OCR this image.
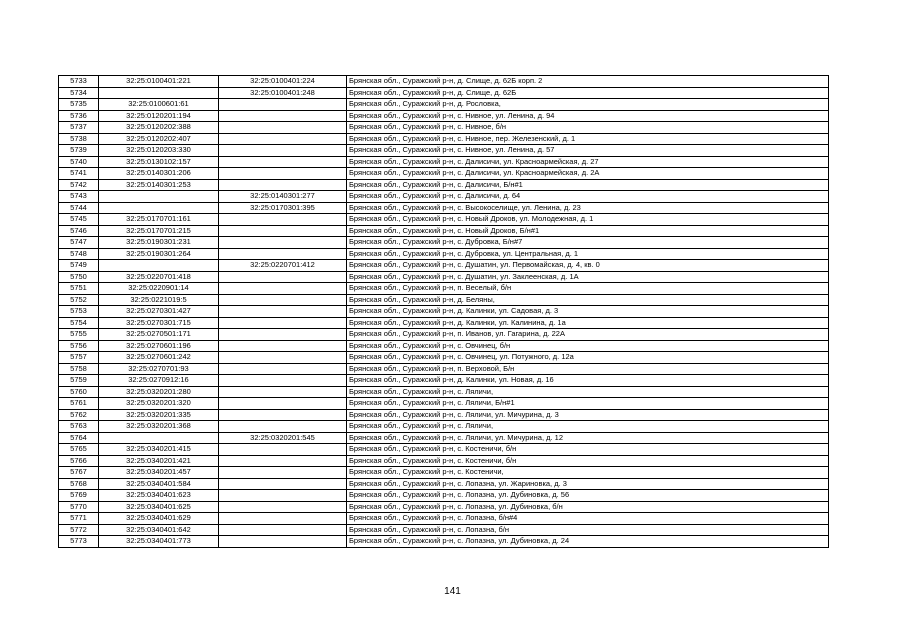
5733	32:25:0100401:221	32:25:0100401:224	Брянская обл., Суражский р-н, д. Слище, д. 62Б корп. 2
5734		32:25:0100401:248	Брянская обл., Суражский р-н, д. Слище, д. 62Б
5735	32:25:0100601:61		Брянская обл., Суражский р-н, д. Рословка,
5736	32:25:0120201:194		Брянская обл., Суражский р-н, с. Нивное, ул. Ленина, д. 94
5737	32:25:0120202:388		Брянская обл., Суражский р-н, с. Нивное, б/н
5738	32:25:0120202:407		Брянская обл., Суражский р-н, с. Нивное, пер. Железенский, д. 1
5739	32:25:0120203:330		Брянская обл., Суражский р-н, с. Нивное, ул. Ленина, д. 57
5740	32:25:0130102:157		Брянская обл., Суражский р-н, с. Далисичи, ул. Красноармейская, д. 27
5741	32:25:0140301:206		Брянская обл., Суражский р-н, с. Далисичи, ул. Красноармейская, д. 2А
5742	32:25:0140301:253		Брянская обл., Суражский р-н, с. Далисичи, Б/н#1
5743		32:25:0140301:277	Брянская обл., Суражский р-н, с. Далисичи, д. 64
5744		32:25:0170301:395	Брянская обл., Суражский р-н, с. Высокоселище, ул. Ленина, д. 23
5745	32:25:0170701:161		Брянская обл., Суражский р-н, с. Новый Дроков, ул. Молодежная, д. 1
5746	32:25:0170701:215		Брянская обл., Суражский р-н, с. Новый Дроков, Б/н#1
5747	32:25:0190301:231		Брянская обл., Суражский р-н, с. Дубровка, Б/н#7
5748	32:25:0190301:264		Брянская обл., Суражский р-н, с. Дубровка, ул. Центральная, д. 1
5749		32:25:0220701:412	Брянская обл., Суражский р-н, с. Душатин, ул. Первомайская, д. 4, кв. 0
5750	32:25:0220701:418		Брянская обл., Суражский р-н, с. Душатин, ул. Заклеенская, д. 1А
5751	32:25:0220901:14		Брянская обл., Суражский р-н, п. Веселый, б/н
5752	32:25:0221019:5		Брянская обл., Суражский р-н, д. Беляны,
5753	32:25:0270301:427		Брянская обл., Суражский р-н, д. Калинки, ул. Садовая, д. 3
5754	32:25:0270301:715		Брянская обл., Суражский р-н, д. Калинки, ул. Калинина, д. 1а
5755	32:25:0270501:171		Брянская обл., Суражский р-н, п. Иванов, ул. Гагарина, д. 22А
5756	32:25:0270601:196		Брянская обл., Суражский р-н, с. Овчинец, б/н
5757	32:25:0270601:242		Брянская обл., Суражский р-н, с. Овчинец, ул. Потужного, д. 12а
5758	32:25:0270701:93		Брянская обл., Суражский р-н, п. Верховой, Б/н
5759	32:25:0270912:16		Брянская обл., Суражский р-н, д. Калинки, ул. Новая, д. 16
5760	32:25:0320201:280		Брянская обл., Суражский р-н, с. Ляличи,
5761	32:25:0320201:320		Брянская обл., Суражский р-н, с. Ляличи, Б/н#1
5762	32:25:0320201:335		Брянская обл., Суражский р-н, с. Ляличи, ул. Мичурина, д. 3
5763	32:25:0320201:368		Брянская обл., Суражский р-н, с. Ляличи,
5764		32:25:0320201:545	Брянская обл., Суражский р-н, с. Ляличи, ул. Мичурина, д. 12
5765	32:25:0340201:415		Брянская обл., Суражский р-н, с. Костеничи, б/н
5766	32:25:0340201:421		Брянская обл., Суражский р-н, с. Костеничи, б/н
5767	32:25:0340201:457		Брянская обл., Суражский р-н, с. Костеничи,
5768	32:25:0340401:584		Брянская обл., Суражский р-н, с. Лопазна, ул. Жариновка, д. 3
5769	32:25:0340401:623		Брянская обл., Суражский р-н, с. Лопазна, ул. Дубиновка, д. 56
5770	32:25:0340401:625		Брянская обл., Суражский р-н, с. Лопазна, ул. Дубиновка, б/н
5771	32:25:0340401:629		Брянская обл., Суражский р-н, с. Лопазна, б/н#4
5772	32:25:0340401:642		Брянская обл., Суражский р-н, с. Лопазна, б/н
5773	32:25:0340401:773		Брянская обл., Суражский р-н, с. Лопазна, ул. Дубиновка, д. 24
141
